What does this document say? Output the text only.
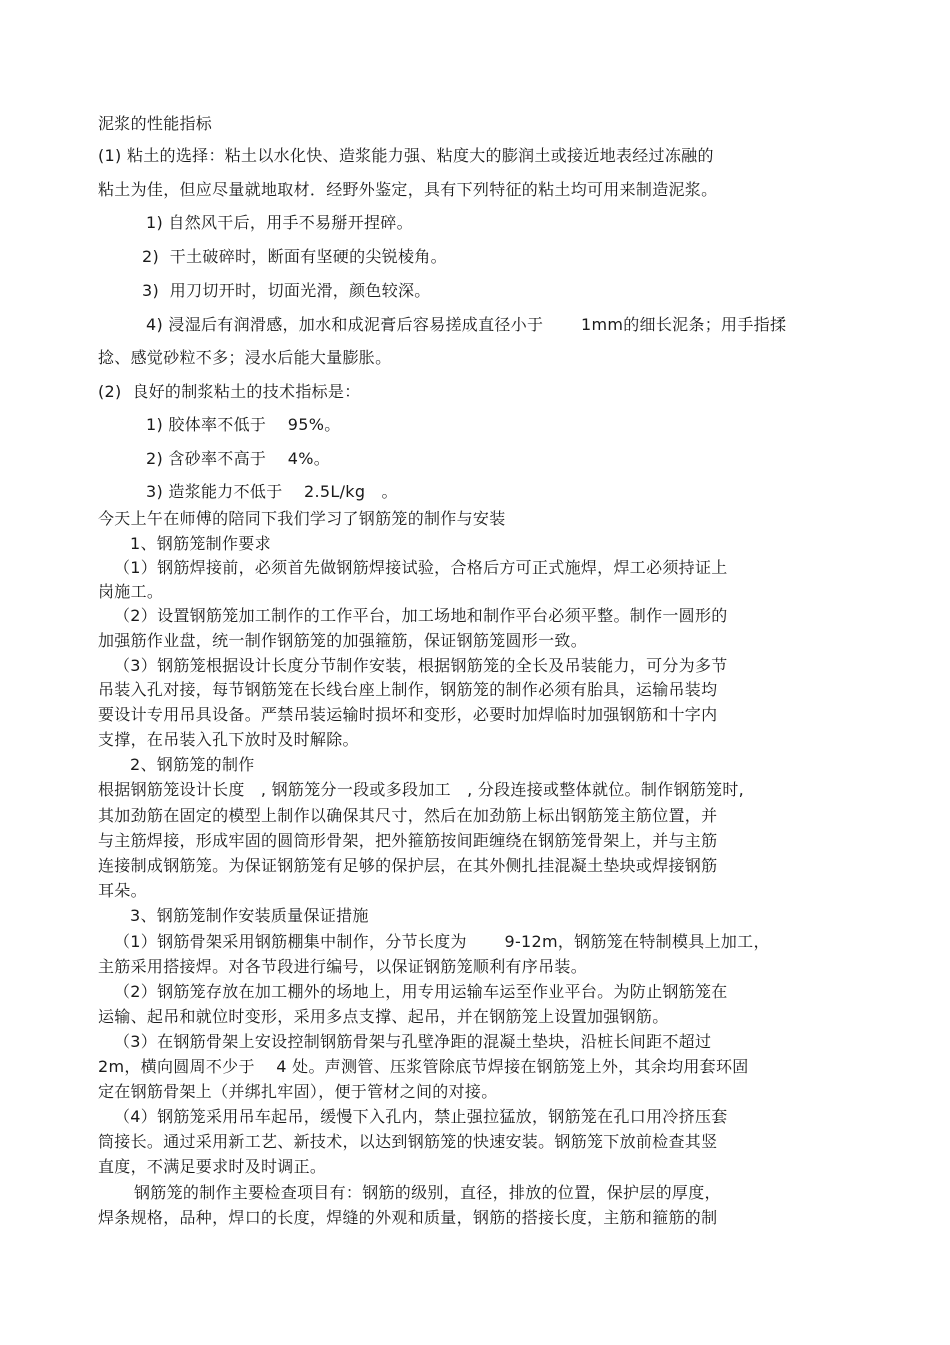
泥浆的性能指标
(1) 粘土的选择：粘土以水化快、造浆能力强、粘度大的膨润土或接近地表经过冻融的
粘土为佳，但应尽量就地取材．经野外鉴定，具有下列特征的粘土均可用来制造泥浆。
1) 自然风干后，用手不易掰开捏碎。
2)  干土破碎时，断面有坚硬的尖锐棱角。
3)  用刀切开时，切面光滑，颜色较深。
4) 浸湿后有润滑感，加水和成泥膏后容易搓成直径小于       1mm的细长泥条；用手指揉
捻、感觉砂粒不多；浸水后能大量膨胀。
(2)  良好的制浆粘土的技术指标是：
1) 胶体率不低于    95%。
2) 含砂率不高于    4%。
3) 造浆能力不低于    2.5L/kg   。
今天上午在师傅的陪同下我们学习了钢筋笼的制作与安装
1、钢筋笼制作要求
（1）钢筋焊接前，必须首先做钢筋焊接试验，合格后方可正式施焊，焊工必须持证上
岗施工。
（2）设置钢筋笼加工制作的工作平台，加工场地和制作平台必须平整。制作一圆形的
加强筋作业盘，统一制作钢筋笼的加强箍筋，保证钢筋笼圆形一致。
（3）钢筋笼根据设计长度分节制作安装，根据钢筋笼的全长及吊装能力，可分为多节
吊装入孔对接，每节钢筋笼在长线台座上制作，钢筋笼的制作必须有胎具，运输吊装均
要设计专用吊具设备。严禁吊装运输时损坏和变形，必要时加焊临时加强钢筋和十字内
支撑，在吊装入孔下放时及时解除。
2、钢筋笼的制作
根据钢筋笼设计长度   , 钢筋笼分一段或多段加工   , 分段连接或整体就位。制作钢筋笼时,
其加劲筋在固定的模型上制作以确保其尺寸，然后在加劲筋上标出钢筋笼主筋位置，并
与主筋焊接，形成牢固的圆筒形骨架，把外箍筋按间距缠绕在钢筋笼骨架上，并与主筋
连接制成钢筋笼。为保证钢筋笼有足够的保护层，在其外侧扎挂混凝土垫块或焊接钢筋
耳朵。
3、钢筋笼制作安装质量保证措施
（1）钢筋骨架采用钢筋棚集中制作，分节长度为       9-12m，钢筋笼在特制模具上加工，
主筋采用搭接焊。对各节段进行编号，以保证钢筋笼顺利有序吊装。
（2）钢筋笼存放在加工棚外的场地上，用专用运输车运至作业平台。为防止钢筋笼在
运输、起吊和就位时变形，采用多点支撑、起吊，并在钢筋笼上设置加强钢筋。
（3）在钢筋骨架上安设控制钢筋骨架与孔壁净距的混凝土垫块，沿桩长间距不超过
2m，横向圆周不少于    4 处。声测管、压浆管除底节焊接在钢筋笼上外，其余均用套环固
定在钢筋骨架上（并绑扎牢固），便于管材之间的对接。
（4）钢筋笼采用吊车起吊，缓慢下入孔内，禁止强拉猛放，钢筋笼在孔口用冷挤压套
筒接长。通过采用新工艺、新技术，以达到钢筋笼的快速安装。钢筋笼下放前检查其竖
直度，不满足要求时及时调正。
钢筋笼的制作主要检查项目有：钢筋的级别，直径，排放的位置，保护层的厚度，
焊条规格，品种，焊口的长度，焊缝的外观和质量，钢筋的搭接长度，主筋和箍筋的制
